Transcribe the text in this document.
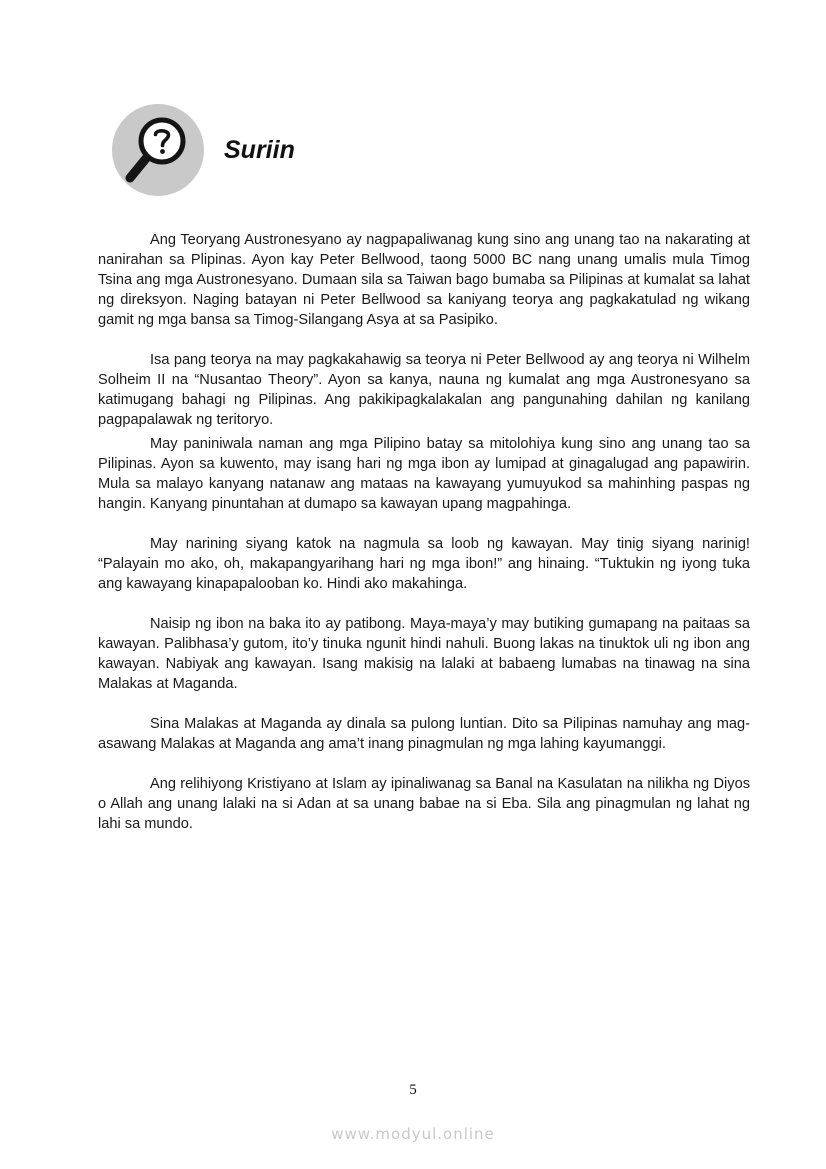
Suriin

Ang Teoryang Austronesyano ay nagpapaliwanag kung sino ang unang tao na nakarating at nanirahan sa Plipinas. Ayon kay Peter Bellwood, taong 5000 BC nang unang umalis mula Timog Tsina ang mga Austronesyano. Dumaan sila sa Taiwan bago bumaba sa Pilipinas at kumalat sa lahat ng direksyon. Naging batayan ni Peter Bellwood sa kaniyang teorya ang pagkakatulad ng wikang gamit ng mga bansa sa Timog-Silangang Asya at sa Pasipiko.

Isa pang teorya na may pagkakahawig sa teorya ni Peter Bellwood ay ang teorya ni Wilhelm Solheim II na “Nusantao Theory”. Ayon sa kanya, nauna ng kumalat ang mga Austronesyano sa katimugang bahagi ng Pilipinas. Ang pakikipagkalakalan ang pangunahing dahilan ng kanilang pagpapalawak ng teritoryo.

May paniniwala naman ang mga Pilipino batay sa mitolohiya kung sino ang unang tao sa Pilipinas. Ayon sa kuwento, may isang hari ng mga ibon ay lumipad at ginagalugad ang papawirin. Mula sa malayo kanyang natanaw ang mataas na kawayang yumuyukod sa mahinhing paspas ng hangin. Kanyang pinuntahan at dumapo sa kawayan upang magpahinga.

May narining siyang katok na nagmula sa loob ng kawayan. May tinig siyang narinig! “Palayain mo ako, oh, makapangyarihang hari ng mga ibon!” ang hinaing. “Tuktukin ng iyong tuka ang kawayang kinapapalooban ko. Hindi ako makahinga.

Naisip ng ibon na baka ito ay patibong. Maya-maya’y may butiking gumapang na paitaas sa kawayan. Palibhasa’y gutom, ito’y tinuka ngunit hindi nahuli. Buong lakas na tinuktok uli ng ibon ang kawayan. Nabiyak ang kawayan. Isang makisig na lalaki at babaeng lumabas na tinawag na sina Malakas at Maganda.

Sina Malakas at Maganda ay dinala sa pulong luntian. Dito sa Pilipinas namuhay ang mag-asawang Malakas at Maganda ang ama’t inang pinagmulan ng mga lahing kayumanggi.

Ang relihiyong Kristiyano at Islam ay ipinaliwanag sa Banal na Kasulatan na nilikha ng Diyos o Allah ang unang lalaki na si Adan at sa unang babae na si Eba. Sila ang pinagmulan ng lahat ng lahi sa mundo.

5
www.modyul.online
